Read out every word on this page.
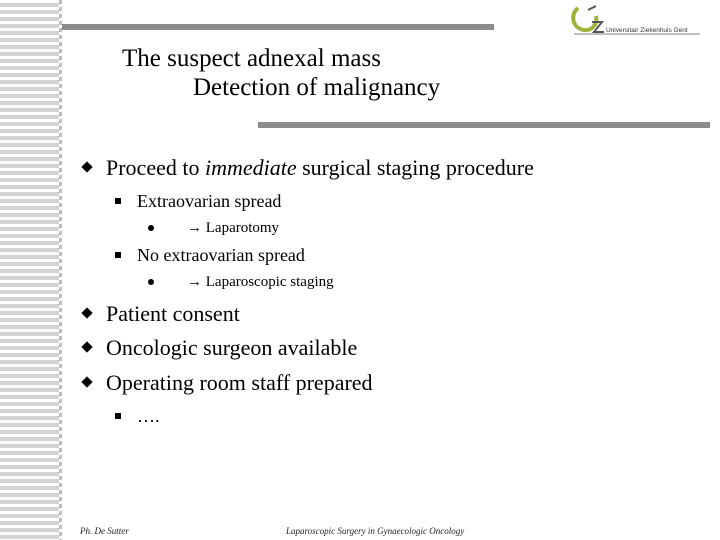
Universitair Ziekenhuis Gent
The suspect adnexal mass
Detection of malignancy
Proceed to immediate surgical staging procedure
Extraovarian spread
→ Laparotomy
No extraovarian spread
→ Laparoscopic staging
Patient consent
Oncologic surgeon available
Operating room staff prepared
….
Ph. De Sutter	Laparoscopic Surgery in Gynaecologic Oncology
